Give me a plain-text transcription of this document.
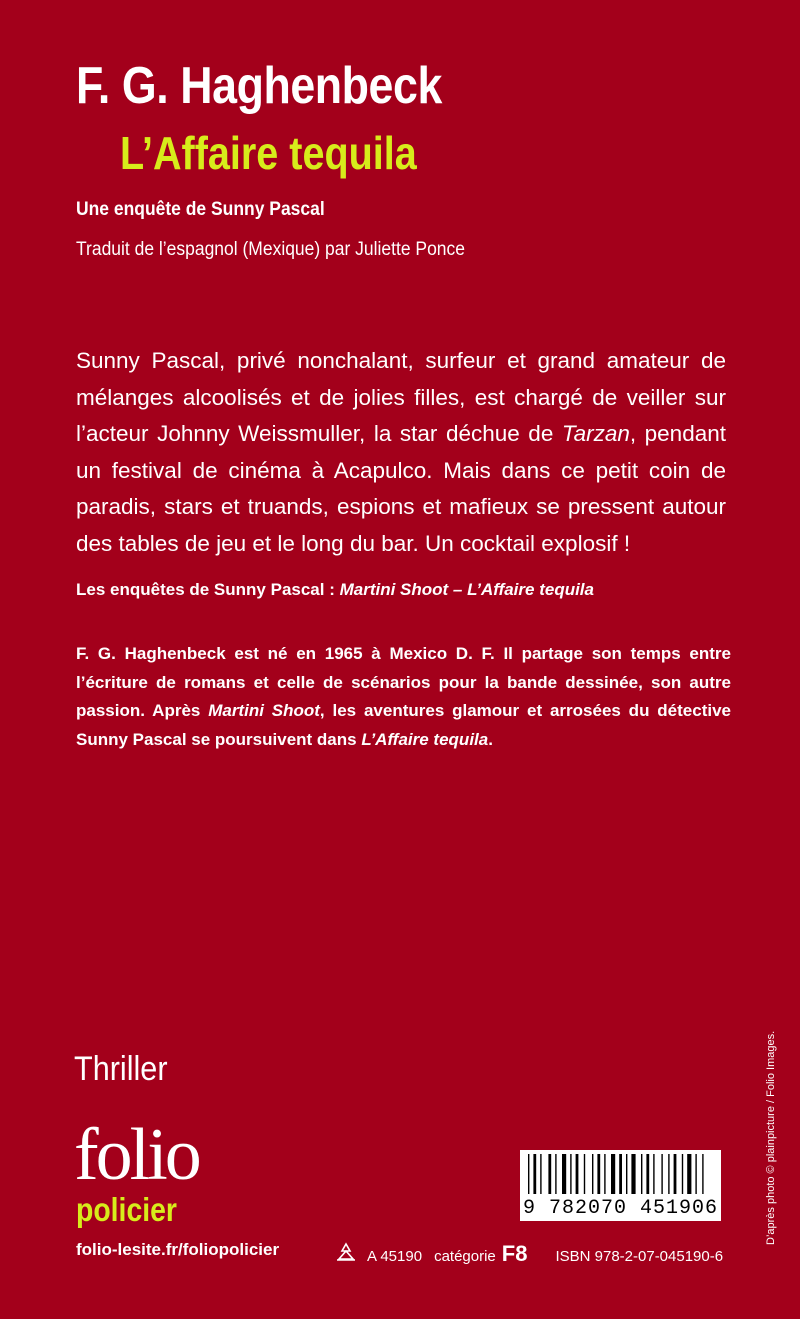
F. G. Haghenbeck
L’Affaire tequila
Une enquête de Sunny Pascal
Traduit de l’espagnol (Mexique) par Juliette Ponce
Sunny Pascal, privé nonchalant, surfeur et grand amateur de mélanges alcoolisés et de jolies filles, est chargé de veiller sur l’acteur Johnny Weissmuller, la star déchue de Tarzan, pendant un festival de cinéma à Acapulco. Mais dans ce petit coin de paradis, stars et truands, espions et mafieux se pressent autour des tables de jeu et le long du bar. Un cocktail explosif !
Les enquêtes de Sunny Pascal : Martini Shoot – L’Affaire tequila
F. G. Haghenbeck est né en 1965 à Mexico D. F. Il partage son temps entre l’écriture de romans et celle de scénarios pour la bande dessinée, son autre passion. Après Martini Shoot, les aventures glamour et arrosées du détective Sunny Pascal se poursuivent dans L’Affaire tequila.
Thriller
folio
policier
folio-lesite.fr/foliopolicier	A 45190 catégorie F8 ISBN 978-2-07-045190-6
9 782070 451906	D’après photo © plainpicture / Folio Images.
